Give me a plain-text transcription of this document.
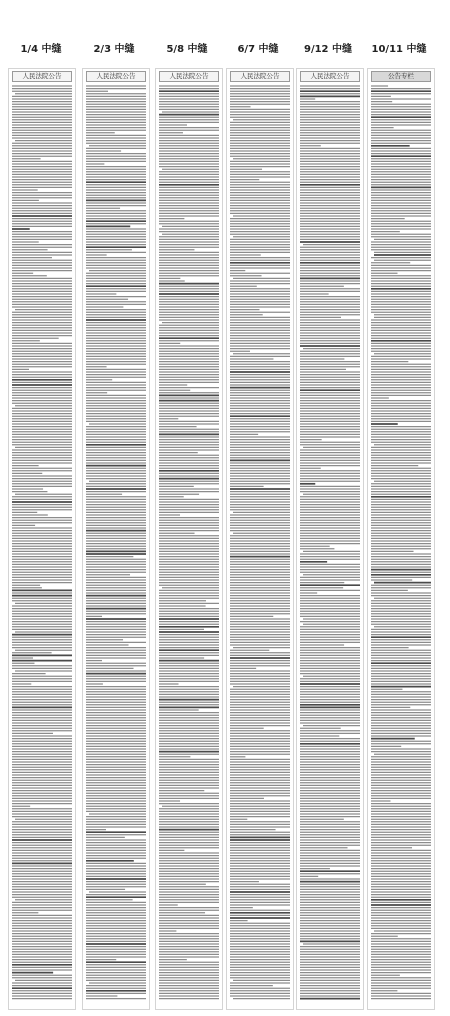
1/4 中缝	2/3 中缝	5/8 中缝	6/7 中缝	9/12 中缝	10/11 中缝
人民法院公告	人民法院公告	人民法院公告	人民法院公告	人民法院公告	公告专栏
